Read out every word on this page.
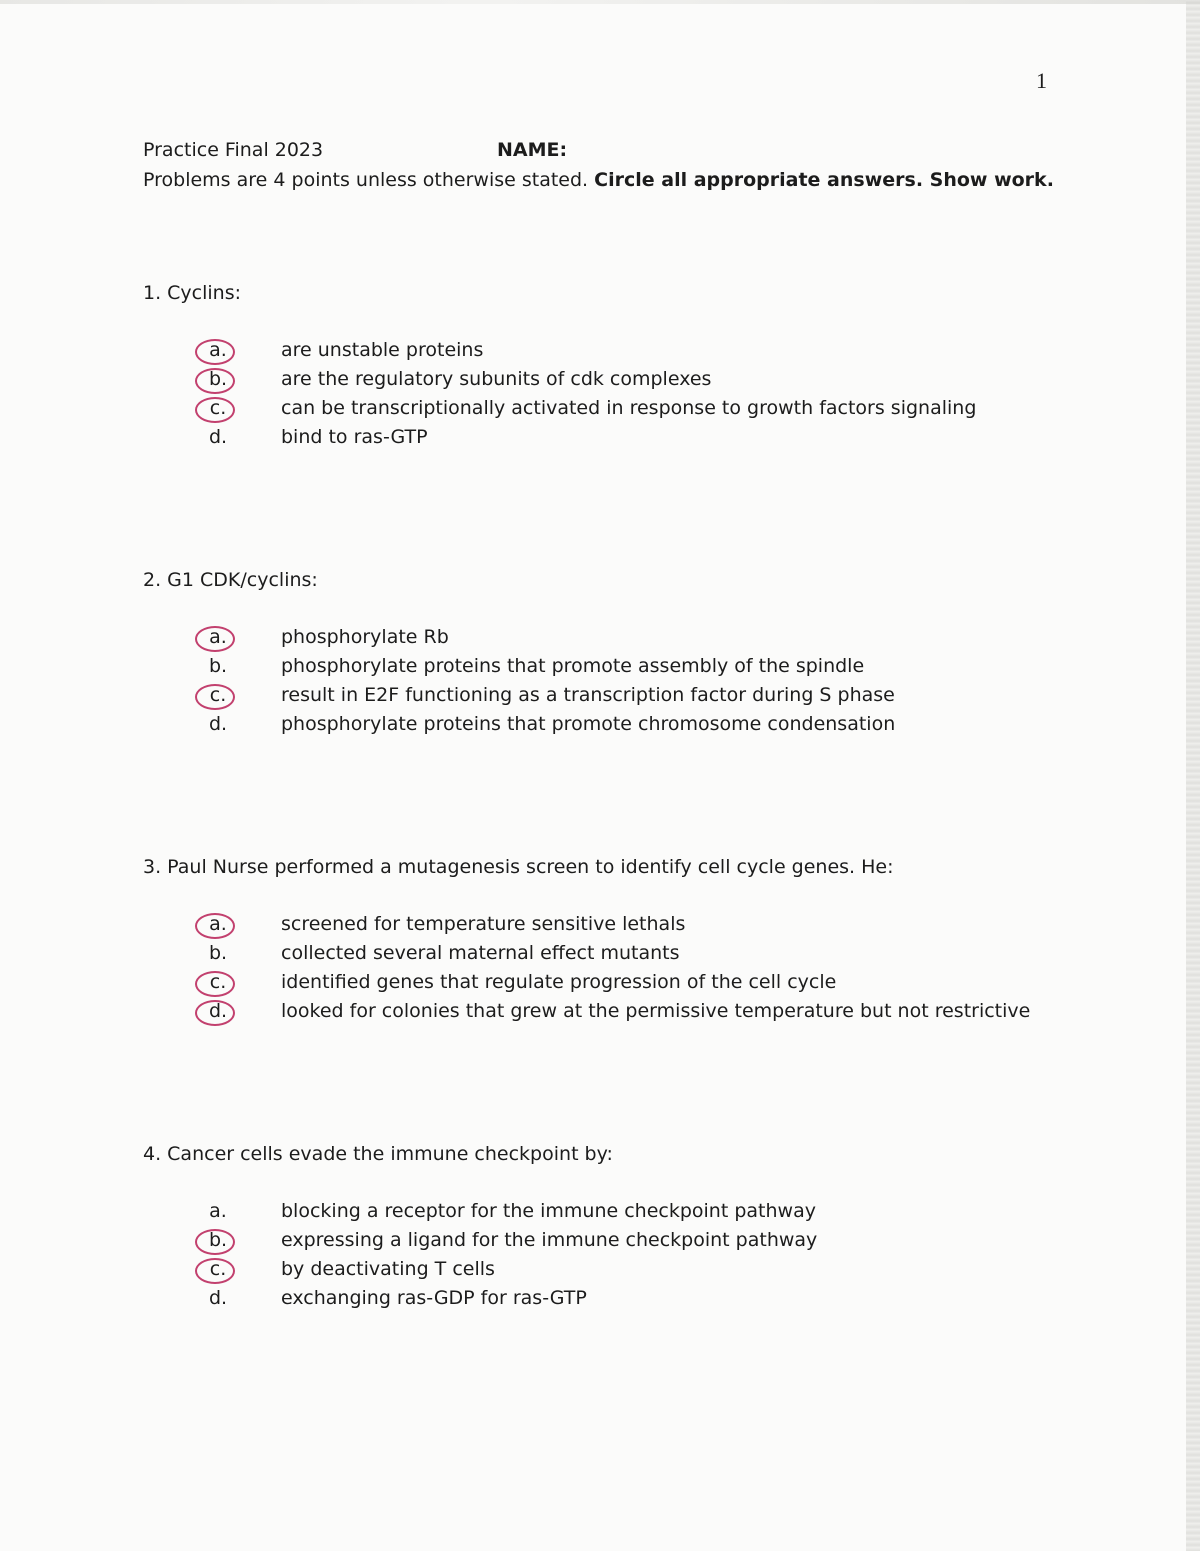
1
Practice Final 2023	NAME:
Problems are 4 points unless otherwise stated. Circle all appropriate answers. Show work.
1. Cyclins:
a.	are unstable proteins
b.	are the regulatory subunits of cdk complexes
c.	can be transcriptionally activated in response to growth factors signaling
d.	bind to ras-GTP
2. G1 CDK/cyclins:
a.	phosphorylate Rb
b.	phosphorylate proteins that promote assembly of the spindle
c.	result in E2F functioning as a transcription factor during S phase
d.	phosphorylate proteins that promote chromosome condensation
3. Paul Nurse performed a mutagenesis screen to identify cell cycle genes. He:
a.	screened for temperature sensitive lethals
b.	collected several maternal effect mutants
c.	identified genes that regulate progression of the cell cycle
d.	looked for colonies that grew at the permissive temperature but not restrictive
4. Cancer cells evade the immune checkpoint by:
a.	blocking a receptor for the immune checkpoint pathway
b.	expressing a ligand for the immune checkpoint pathway
c.	by deactivating T cells
d.	exchanging ras-GDP for ras-GTP
